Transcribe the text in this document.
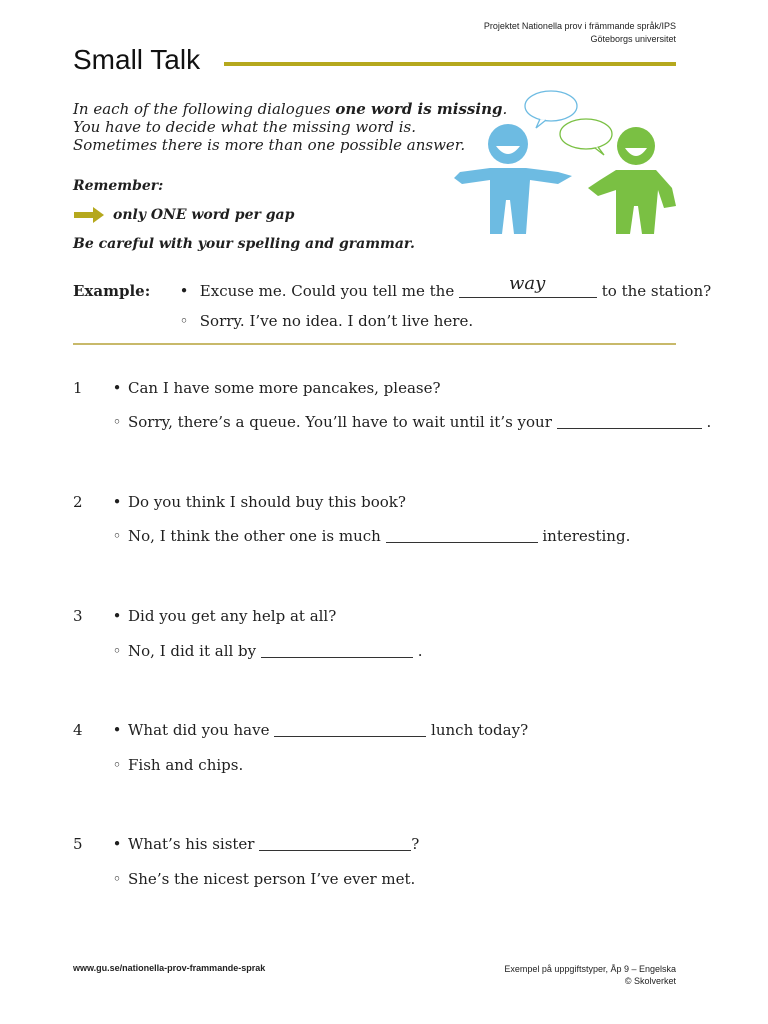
Projektet Nationella prov i främmande språk/IPS
Göteborgs universitet
Small Talk
In each of the following dialogues one word is missing.
You have to decide what the missing word is.
Sometimes there is more than one possible answer.
Remember:
only ONE word per gap
Be careful with your spelling and grammar.
Example:	• Excuse me. Could you tell me the	way	to the station?
◦ Sorry. I’ve no idea. I don’t live here.
1	• Can I have some more pancakes, please?
◦ Sorry, there’s a queue. You’ll have to wait until it’s your	.
2	• Do you think I should buy this book?
◦ No, I think the other one is much	interesting.
3	• Did you get any help at all?
◦ No, I did it all by	.
4	• What did you have	lunch today?
◦ Fish and chips.
5	• What’s his sister	?
◦ She’s the nicest person I’ve ever met.
www.gu.se/nationella-prov-frammande-sprak	Exempel på uppgiftstyper, Åp 9 – Engelska
© Skolverket
